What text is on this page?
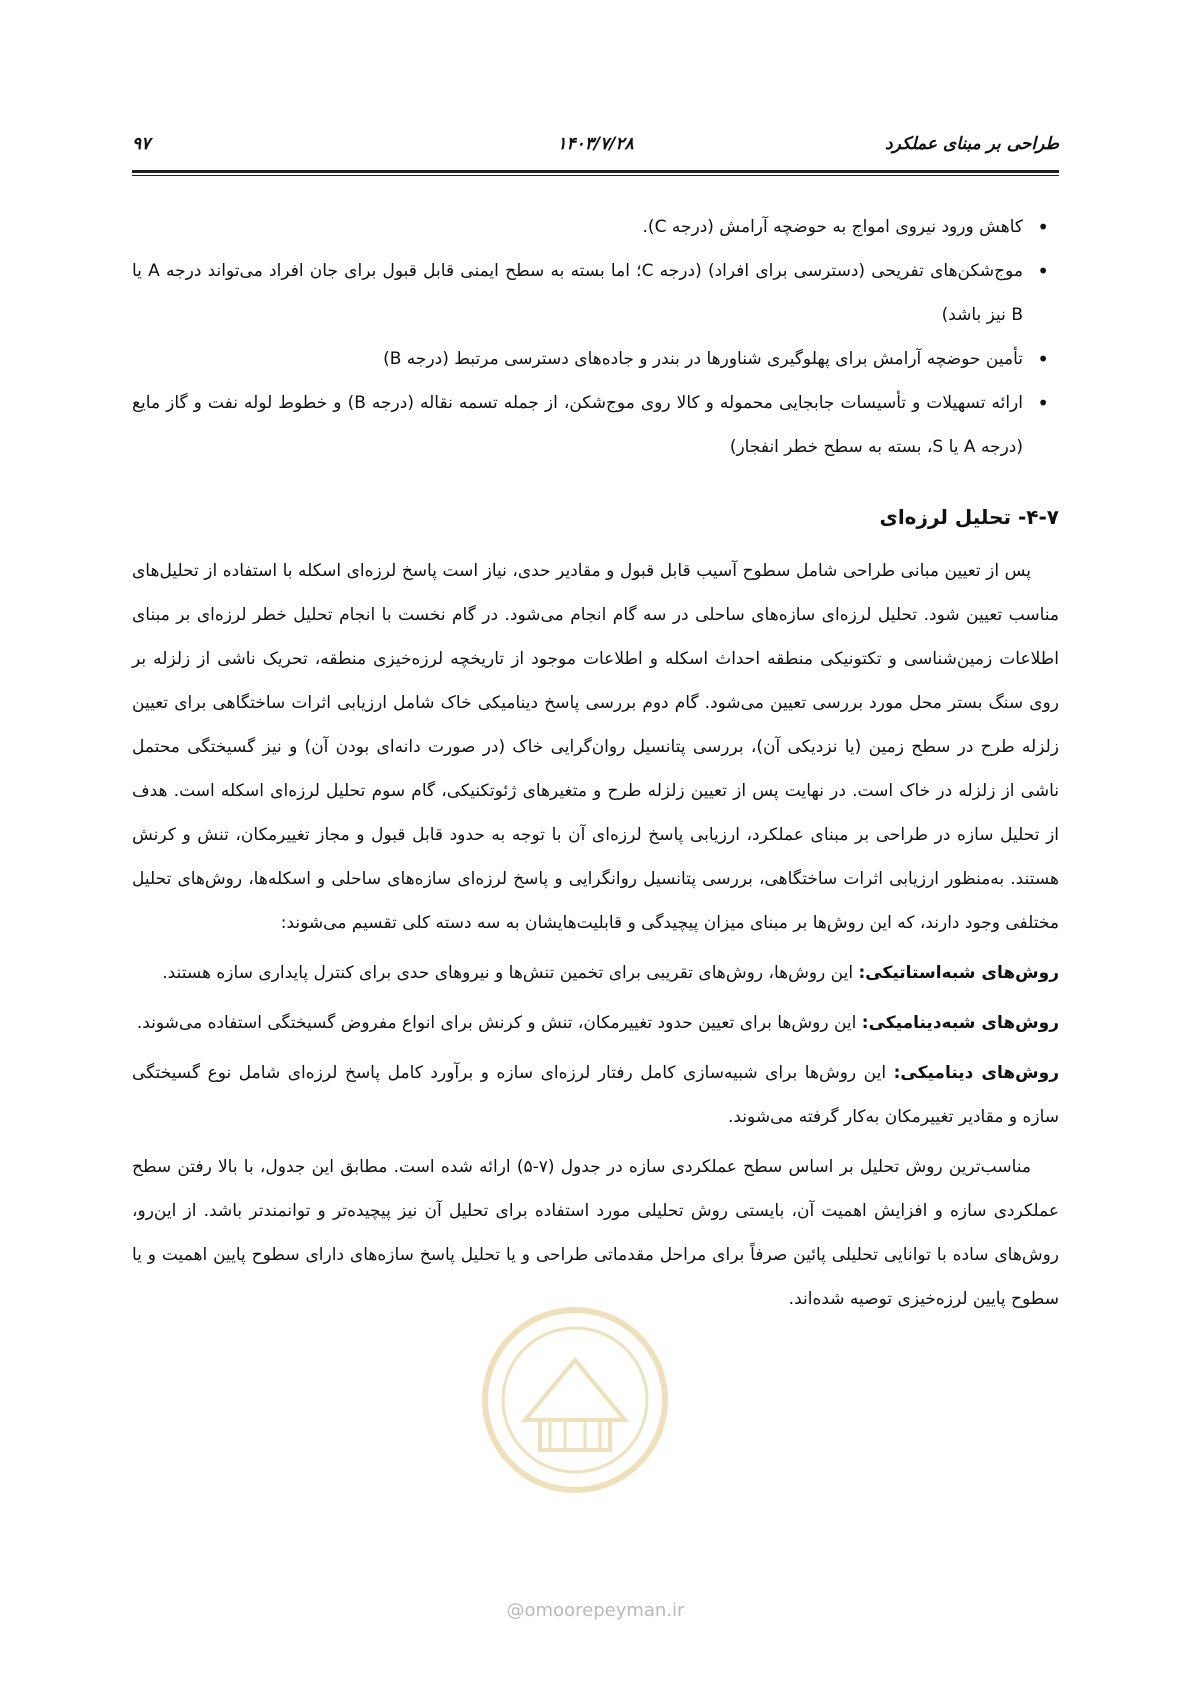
طراحی بر مبنای عملکرد
۱۴۰۳/۷/۲۸
۹۷
• کاهش ورود نیروی امواج به حوضچه آرامش (درجه C).
• موج‌شکن‌های تفریحی (دسترسی برای افراد) (درجه C؛ اما بسته به سطح ایمنی قابل قبول برای جان افراد می‌تواند درجه A یا B نیز باشد)
• تأمین حوضچه آرامش برای پهلوگیری شناورها در بندر و جاده‌های دسترسی مرتبط (درجه B)
• ارائه تسهیلات و تأسیسات جابجایی محموله و کالا روی موج‌شکن، از جمله تسمه نقاله (درجه B) و خطوط لوله نفت و گاز مایع (درجه A یا S، بسته به سطح خطر انفجار)
۴-۷- تحلیل لرزه‌ای

پس از تعیین مبانی طراحی شامل سطوح آسیب قابل قبول و مقادیر حدی، نیاز است پاسخ لرزه‌ای اسکله با استفاده از تحلیل‌های مناسب تعیین شود. تحلیل لرزه‌ای سازه‌های ساحلی در سه گام انجام می‌شود. در گام نخست با انجام تحلیل خطر لرزه‌ای بر مبنای اطلاعات زمین‌شناسی و تکتونیکی منطقه احداث اسکله و اطلاعات موجود از تاریخچه لرزه‌خیزی منطقه، تحریک ناشی از زلزله بر روی سنگ بستر محل مورد بررسی تعیین می‌شود. گام دوم بررسی پاسخ دینامیکی خاک شامل ارزیابی اثرات ساختگاهی برای تعیین زلزله طرح در سطح زمین (یا نزدیکی آن)، بررسی پتانسیل روان‌گرایی خاک (در صورت دانه‌ای بودن آن) و نیز گسیختگی محتمل ناشی از زلزله در خاک است. در نهایت پس از تعیین زلزله طرح و متغیرهای ژئوتکنیکی، گام سوم تحلیل لرزه‌ای اسکله است. هدف از تحلیل سازه در طراحی بر مبنای عملکرد، ارزیابی پاسخ لرزه‌ای آن با توجه به حدود قابل قبول و مجاز تغییرمکان، تنش و کرنش هستند. به‌منظور ارزیابی اثرات ساختگاهی، بررسی پتانسیل روانگرایی و پاسخ لرزه‌ای سازه‌های ساحلی و اسکله‌ها، روش‌های تحلیل مختلفی وجود دارند، که این روش‌ها بر مبنای میزان پیچیدگی و قابلیت‌هایشان به سه دسته کلی تقسیم می‌شوند:

روش‌های شبه‌استاتیکی: این روش‌ها، روش‌های تقریبی برای تخمین تنش‌ها و نیروهای حدی برای کنترل پایداری سازه هستند.

روش‌های شبه‌دینامیکی: این روش‌ها برای تعیین حدود تغییرمکان، تنش و کرنش برای انواع مفروض گسیختگی استفاده می‌شوند.

روش‌های دینامیکی: این روش‌ها برای شبیه‌سازی کامل رفتار لرزه‌ای سازه و برآورد کامل پاسخ لرزه‌ای شامل نوع گسیختگی سازه و مقادیر تغییرمکان به‌کار گرفته می‌شوند.

مناسب‌ترین روش تحلیل بر اساس سطح عملکردی سازه در جدول (۷-۵) ارائه شده است. مطابق این جدول، با بالا رفتن سطح عملکردی سازه و افزایش اهمیت آن، بایستی روش تحلیلی مورد استفاده برای تحلیل آن نیز پیچیده‌تر و توانمندتر باشد. از این‌رو، روش‌های ساده با توانایی تحلیلی پائین صرفاً برای مراحل مقدماتی طراحی و یا تحلیل پاسخ سازه‌های دارای سطوح پایین اهمیت و یا سطوح پایین لرزه‌خیزی توصیه شده‌اند.

@omoorepeyman.ir
